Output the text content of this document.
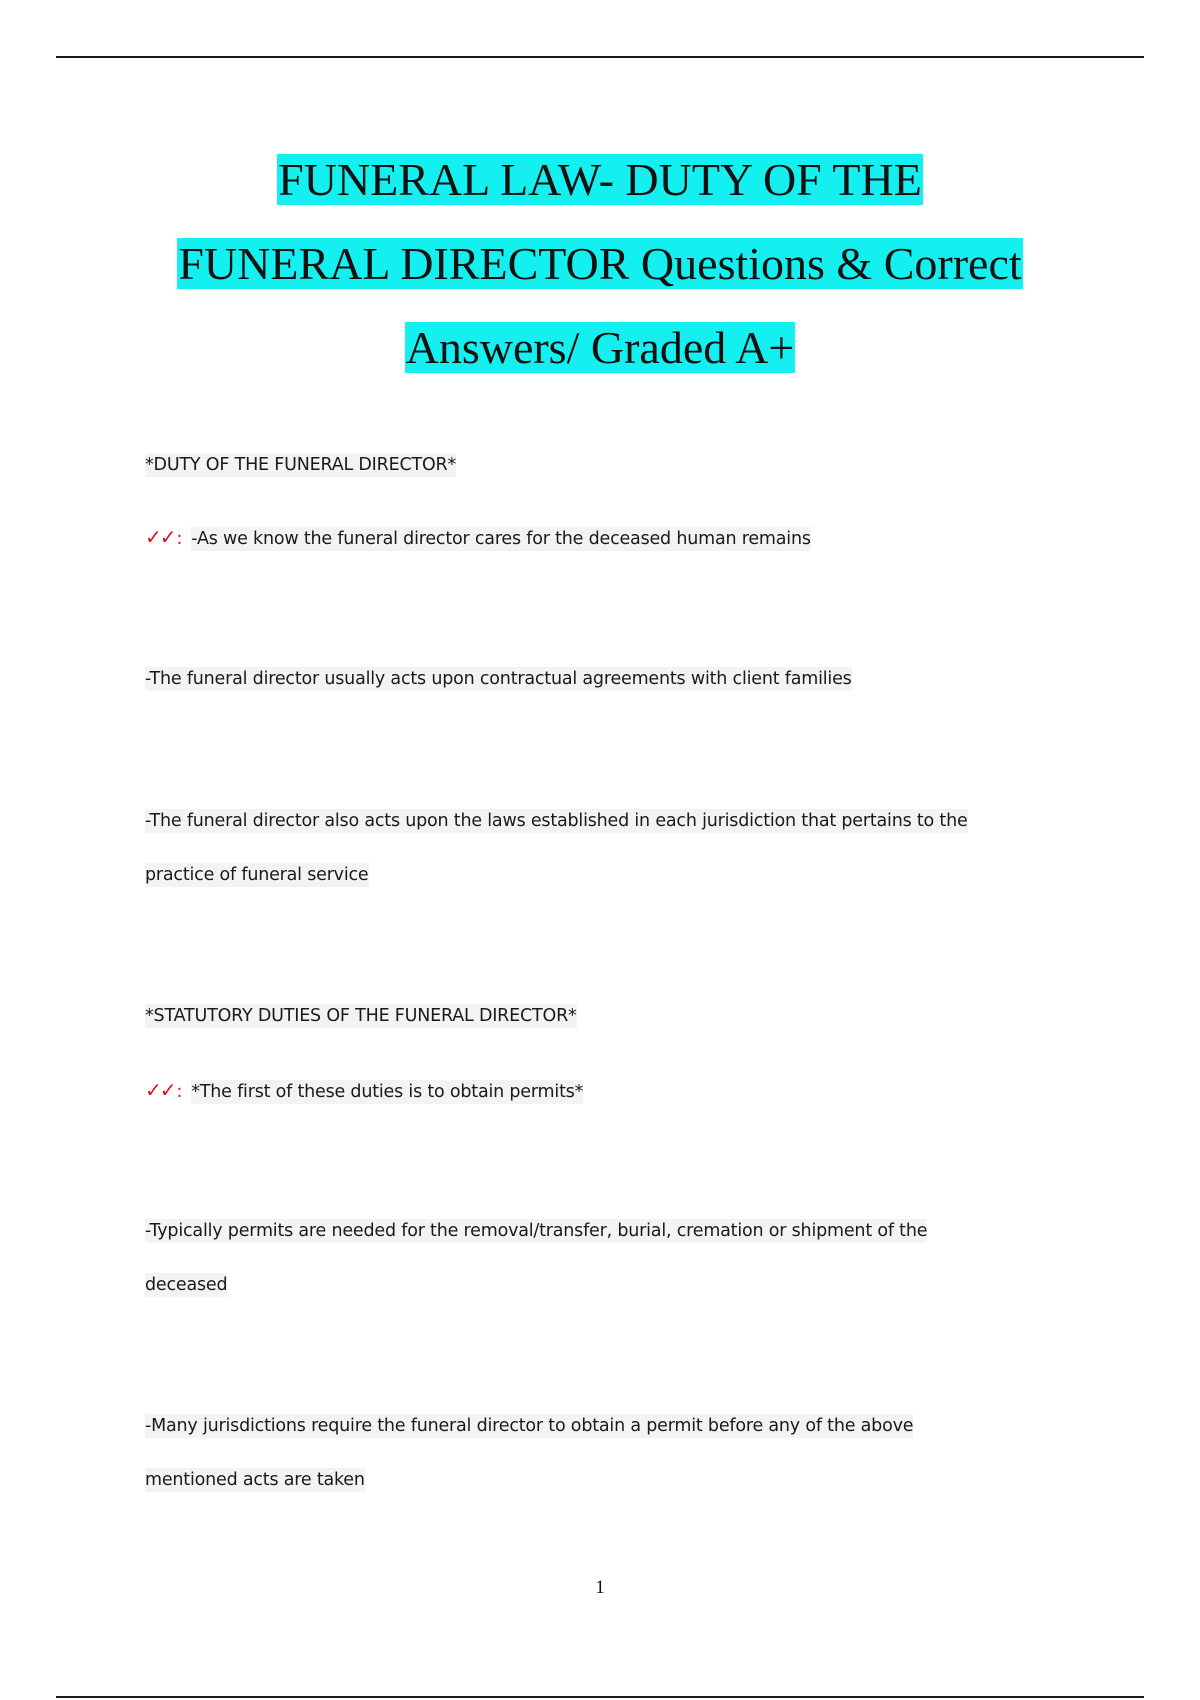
FUNERAL LAW- DUTY OF THE
FUNERAL DIRECTOR Questions & Correct
Answers/ Graded A+
*DUTY OF THE FUNERAL DIRECTOR*
✓✓ : -As we know the funeral director cares for the deceased human remains
-The funeral director usually acts upon contractual agreements with client families
-The funeral director also acts upon the laws established in each jurisdiction that pertains to the
practice of funeral service
*STATUTORY DUTIES OF THE FUNERAL DIRECTOR*
✓✓ : *The first of these duties is to obtain permits*
-Typically permits are needed for the removal/transfer, burial, cremation or shipment of the
deceased
-Many jurisdictions require the funeral director to obtain a permit before any of the above
mentioned acts are taken
1
